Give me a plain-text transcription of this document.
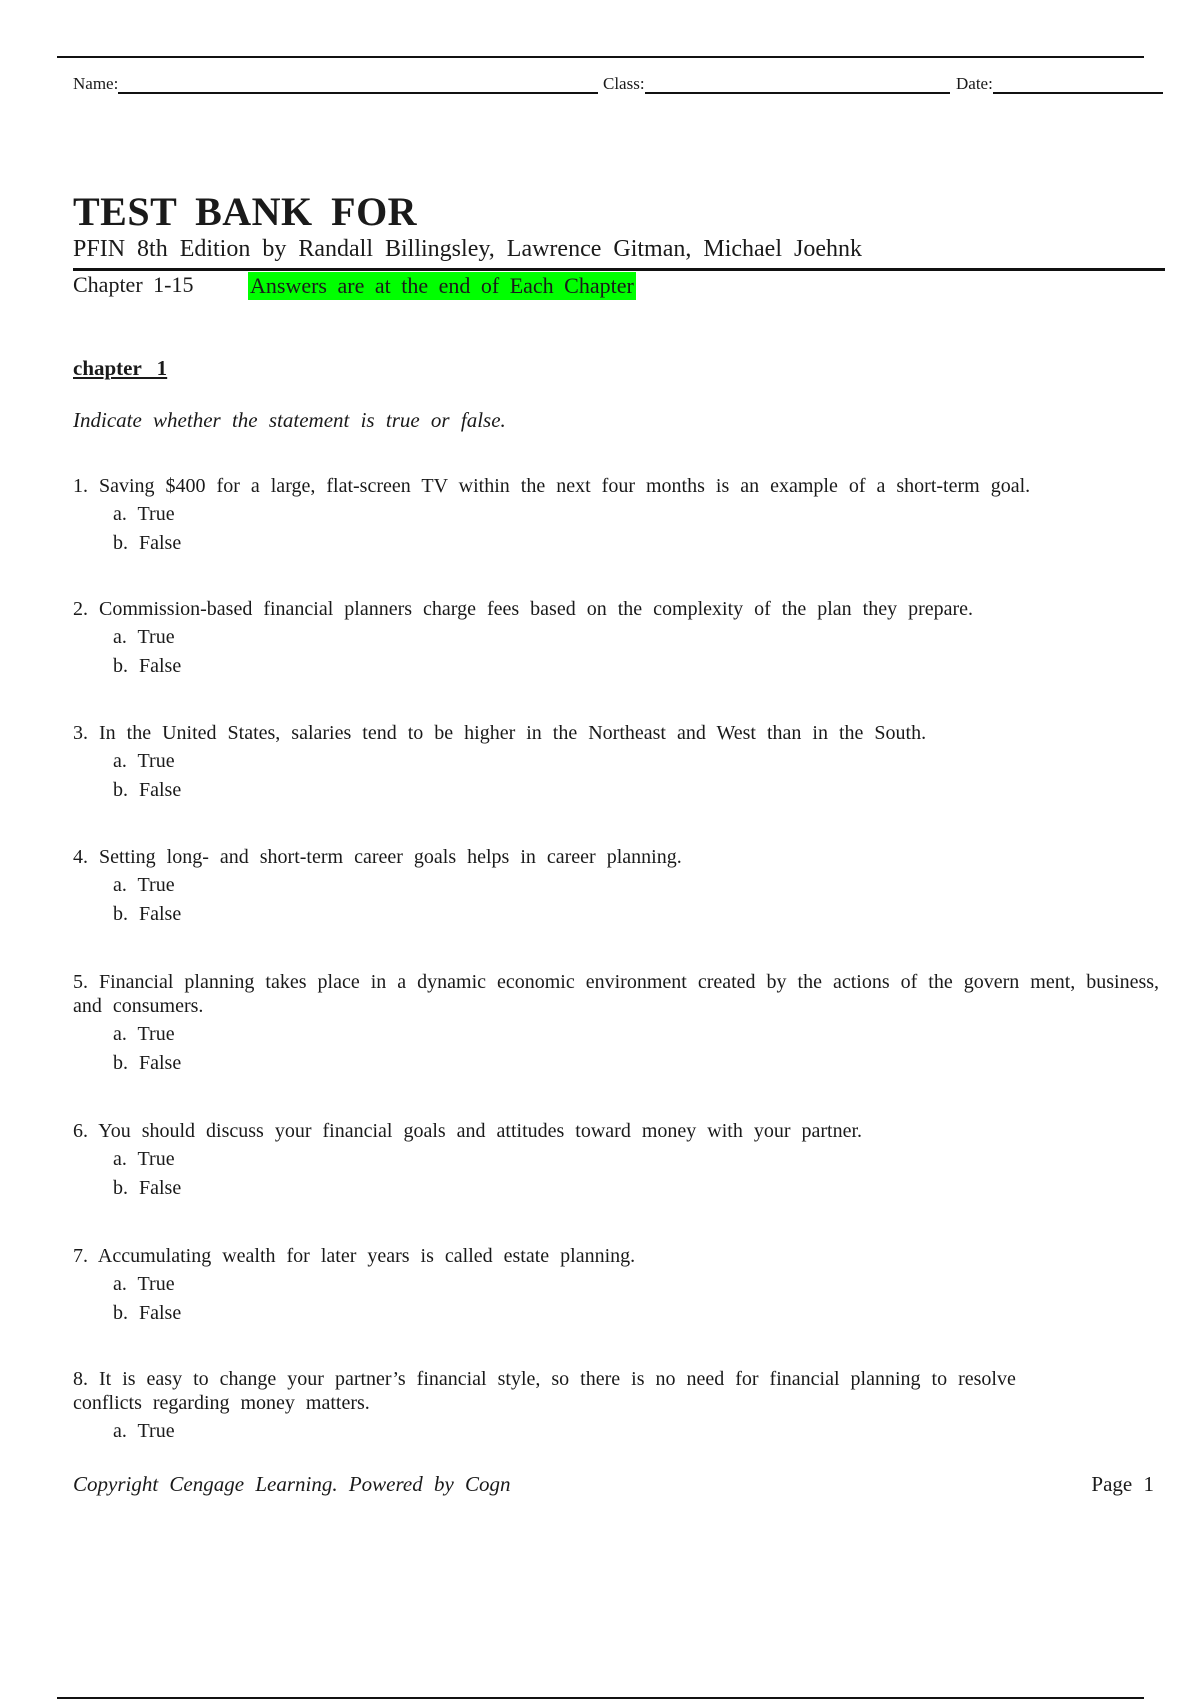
Name:	Class:	Date:
TEST BANK FOR

PFIN 8th Edition by Randall Billingsley, Lawrence Gitman, Michael Joehnk

Chapter 1-15	Answers are at the end of Each Chapter
chapter 1
Indicate whether the statement is true or false.

1. Saving $400 for a large, flat-screen TV within the next four months is an example of a short-term goal.

a. True

b. False

2. Commission-based financial planners charge fees based on the complexity of the plan they prepare.

a. True

b. False

3. In the United States, salaries tend to be higher in the Northeast and West than in the South.

a. True

b. False

4. Setting long- and short-term career goals helps in career planning.

a. True

b. False

5. Financial planning takes place in a dynamic economic environment created by the actions of the govern ment, business, and consumers.

a. True

b. False

6. You should discuss your financial goals and attitudes toward money with your partner.

a. True

b. False

7. Accumulating wealth for later years is called estate planning.

a. True

b. False

8. It is easy to change your partner’s financial style, so there is no need for financial planning to resolve conflicts regarding money matters.

a. True

Copyright Cengage Learning. Powered by Cogn	Page 1
